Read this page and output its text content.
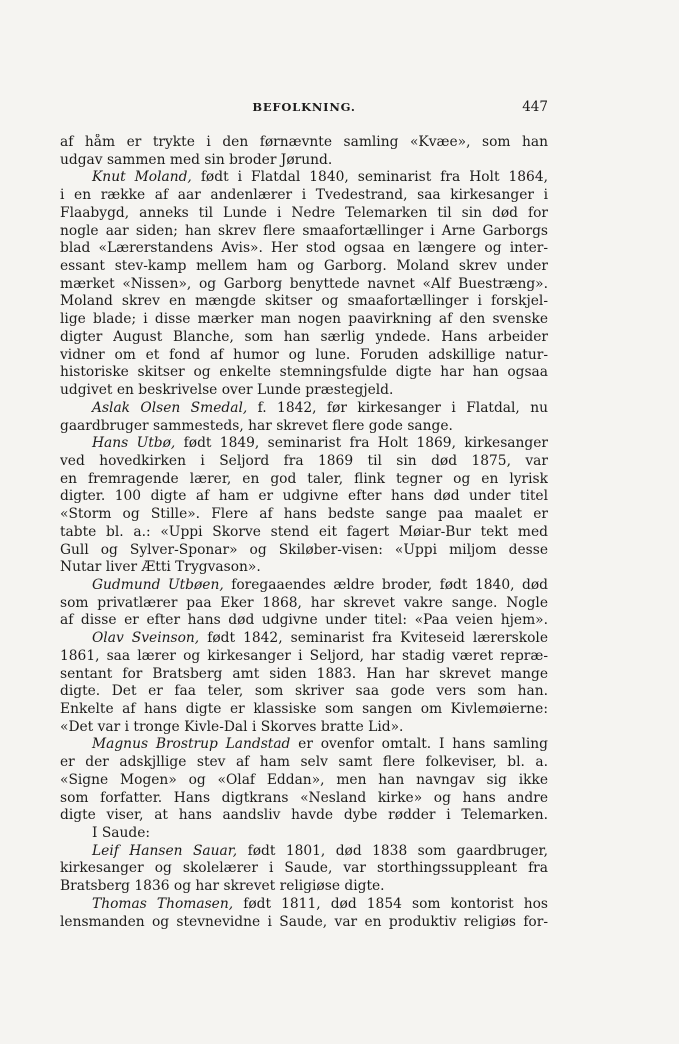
BEFOLKNING.	447
af håm er trykte i den førnævnte samling «Kvæe», som han
udgav sammen med sin broder Jørund.
Knut Moland, født i Flatdal 1840, seminarist fra Holt 1864,
i en række af aar andenlærer i Tvedestrand, saa kirkesanger i
Flaabygd, anneks til Lunde i Nedre Telemarken til sin død for
nogle aar siden; han skrev flere smaafortællinger i Arne Garborgs
blad «Lærerstandens Avis». Her stod ogsaa en længere og inter-
essant stev-kamp mellem ham og Garborg. Moland skrev under
mærket «Nissen», og Garborg benyttede navnet «Alf Buestræng».
Moland skrev en mængde skitser og smaafortællinger i forskjel-
lige blade; i disse mærker man nogen paavirkning af den svenske
digter August Blanche, som han særlig yndede. Hans arbeider
vidner om et fond af humor og lune. Foruden adskillige natur-
historiske skitser og enkelte stemningsfulde digte har han ogsaa
udgivet en beskrivelse over Lunde præstegjeld.
Aslak Olsen Smedal, f. 1842, før kirkesanger i Flatdal, nu
gaardbruger sammesteds, har skrevet flere gode sange.
Hans Utbø, født 1849, seminarist fra Holt 1869, kirkesanger
ved hovedkirken i Seljord fra 1869 til sin død 1875, var
en fremragende lærer, en god taler, flink tegner og en lyrisk
digter. 100 digte af ham er udgivne efter hans død under titel
«Storm og Stille». Flere af hans bedste sange paa maalet er
tabte bl. a.: «Uppi Skorve stend eit fagert Møiar-Bur tekt med
Gull og Sylver-Sponar» og Skiløber-visen: «Uppi miljom desse
Nutar liver Ætti Trygvason».
Gudmund Utbøen, foregaaendes ældre broder, født 1840, død
som privatlærer paa Eker 1868, har skrevet vakre sange. Nogle
af disse er efter hans død udgivne under titel: «Paa veien hjem».
Olav Sveinson, født 1842, seminarist fra Kviteseid lærerskole
1861, saa lærer og kirkesanger i Seljord, har stadig været repræ-
sentant for Bratsberg amt siden 1883. Han har skrevet mange
digte. Det er faa teler, som skriver saa gode vers som han.
Enkelte af hans digte er klassiske som sangen om Kivlemøierne:
«Det var i tronge Kivle-Dal i Skorves bratte Lid».
Magnus Brostrup Landstad er ovenfor omtalt. I hans samling
er der adskjllige stev af ham selv samt flere folkeviser, bl. a.
«Signe Mogen» og «Olaf Eddan», men han navngav sig ikke
som forfatter. Hans digtkrans «Nesland kirke» og hans andre
digte viser, at hans aandsliv havde dybe rødder i Telemarken.
I Saude:
Leif Hansen Sauar, født 1801, død 1838 som gaardbruger,
kirkesanger og skolelærer i Saude, var storthingssuppleant fra
Bratsberg 1836 og har skrevet religiøse digte.
Thomas Thomasen, født 1811, død 1854 som kontorist hos
lensmanden og stevnevidne i Saude, var en produktiv religiøs for-
